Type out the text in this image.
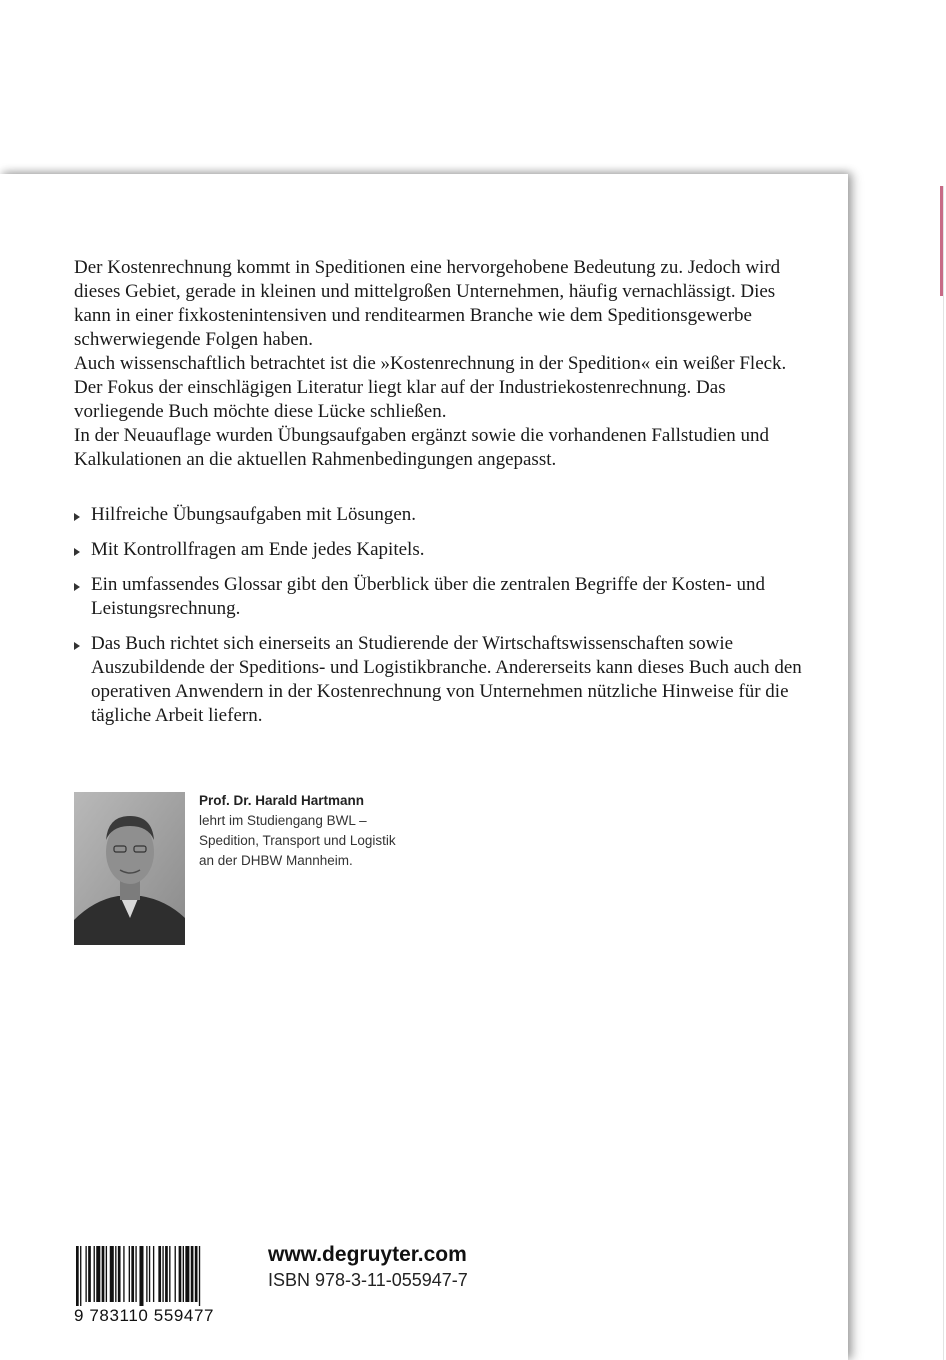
Der Kostenrechnung kommt in Speditionen eine hervorgehobene Bedeutung zu. Jedoch wird dieses Gebiet, gerade in kleinen und mittelgroßen Unternehmen, häufig vernachlässigt. Dies kann in einer fixkostenintensiven und renditearmen Branche wie dem Speditionsgewerbe schwerwiegende Folgen haben.

Auch wissenschaftlich betrachtet ist die »Kostenrechnung in der Spedition« ein weißer Fleck. Der Fokus der einschlägigen Literatur liegt klar auf der Industriekostenrechnung. Das vorliegende Buch möchte diese Lücke schließen.

In der Neuauflage wurden Übungsaufgaben ergänzt sowie die vorhandenen Fallstudien und Kalkulationen an die aktuellen Rahmenbedingungen angepasst.

Hilfreiche Übungsaufgaben mit Lösungen.
Mit Kontrollfragen am Ende jedes Kapitels.
Ein umfassendes Glossar gibt den Überblick über die zentralen Begriffe der Kosten- und Leistungsrechnung.
Das Buch richtet sich einerseits an Studierende der Wirtschaftswissenschaften sowie Auszubildende der Speditions- und Logistikbranche. Andererseits kann dieses Buch auch den operativen Anwendern in der Kostenrechnung von Unternehmen nützliche Hinweise für die tägliche Arbeit liefern.
Prof. Dr. Harald Hartmann
lehrt im Studiengang BWL –
Spedition, Transport und Logistik
an der DHBW Mannheim.
9 783110 559477
www.degruyter.com
ISBN 978-3-11-055947-7
